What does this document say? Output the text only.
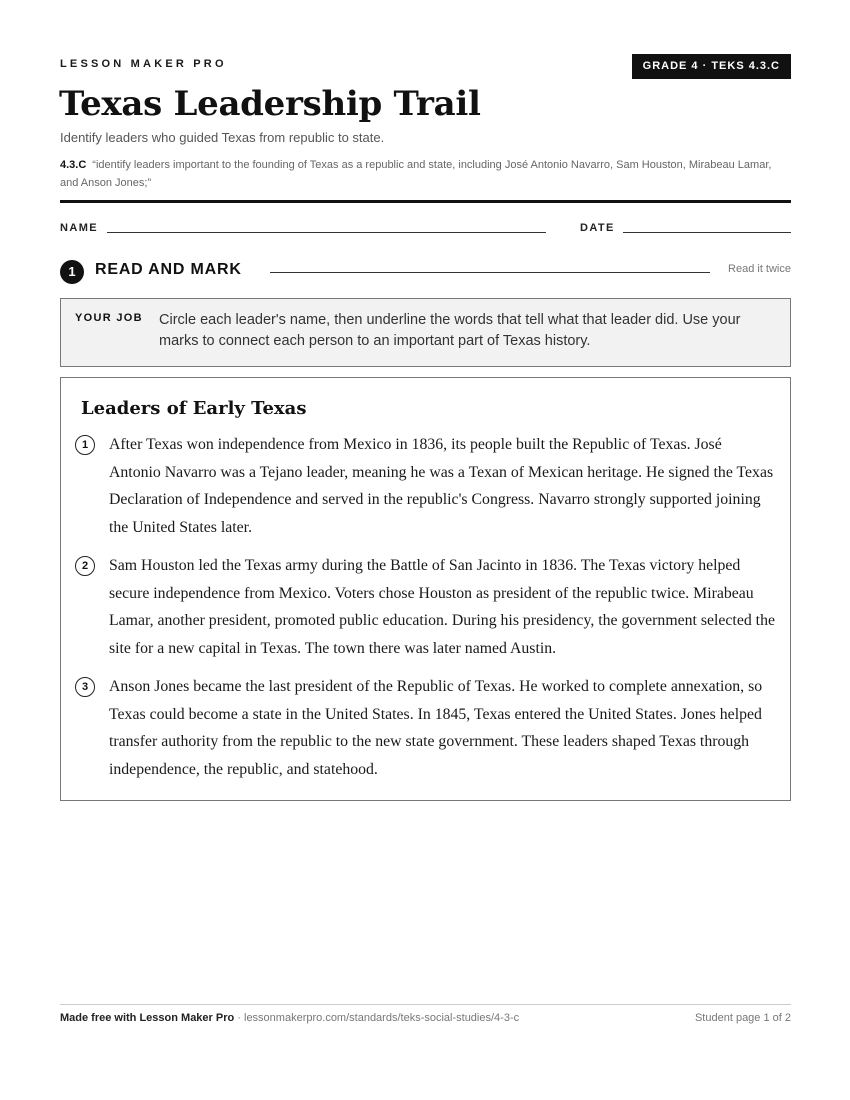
LESSON MAKER PRO	GRADE 4 · TEKS 4.3.C
Texas Leadership Trail
Identify leaders who guided Texas from republic to state.
4.3.C “identify leaders important to the founding of Texas as a republic and state, including José Antonio Navarro, Sam Houston, Mirabeau Lamar, and Anson Jones;”
NAME	DATE
1	READ AND MARK	Read it twice
YOUR JOB Circle each leader's name, then underline the words that tell what that leader did. Use your marks to connect each person to an important part of Texas history.
Leaders of Early Texas
1	After Texas won independence from Mexico in 1836, its people built the Republic of Texas. José Antonio Navarro was a Tejano leader, meaning he was a Texan of Mexican heritage. He signed the Texas Declaration of Independence and served in the republic's Congress. Navarro strongly supported joining the United States later.

2	Sam Houston led the Texas army during the Battle of San Jacinto in 1836. The Texas victory helped secure independence from Mexico. Voters chose Houston as president of the republic twice. Mirabeau Lamar, another president, promoted public education. During his presidency, the government selected the site for a new capital in Texas. The town there was later named Austin.

3	Anson Jones became the last president of the Republic of Texas. He worked to complete annexation, so Texas could become a state in the United States. In 1845, Texas entered the United States. Jones helped transfer authority from the republic to the new state government. These leaders shaped Texas through independence, the republic, and statehood.

Made free with Lesson Maker Pro · lessonmakerpro.com/standards/teks-social-studies/4-3-c	Student page 1 of 2
